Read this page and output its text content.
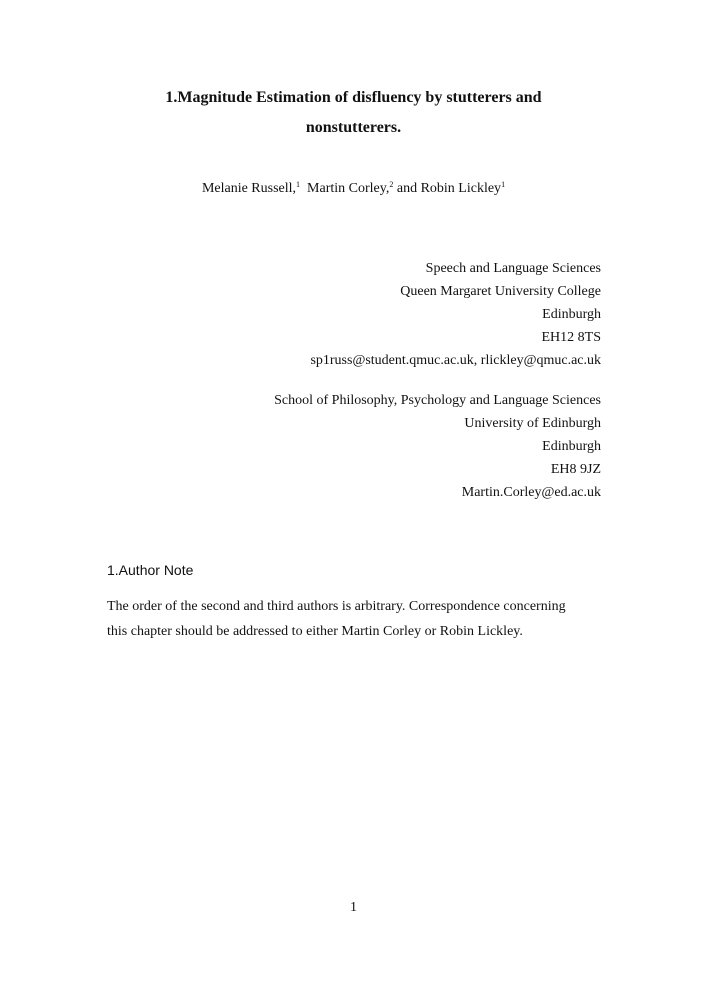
1.Magnitude Estimation of disfluency by stutterers and
nonstutterers.
Melanie Russell,$^1$ Martin Corley,$^2$ and Robin Lickley$^1$
Speech and Language Sciences
Queen Margaret University College
Edinburgh
EH12 8TS
sp1russ@student.qmuc.ac.uk, rlickley@qmuc.ac.uk
School of Philosophy, Psychology and Language Sciences
University of Edinburgh
Edinburgh
EH8 9JZ
Martin.Corley@ed.ac.uk
1.Author Note
The order of the second and third authors is arbitrary. Correspondence concerning
this chapter should be addressed to either Martin Corley or Robin Lickley.
1
